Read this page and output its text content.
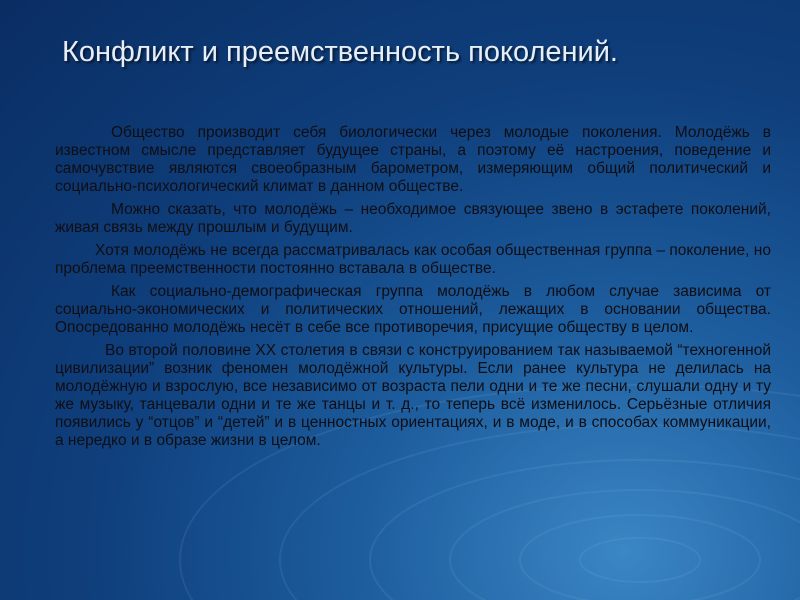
Конфликт и преемственность поколений.

Общество производит себя биологически через молодые поколения. Молодёжь в известном смысле представляет будущее страны, а поэтому её настроения, поведение и самочувствие являются своеобразным барометром, измеряющим общий политический и социально-психологический климат в данном обществе.

Можно сказать, что молодёжь – необходимое связующее звено в эстафете поколений, живая связь между прошлым и будущим.

Хотя молодёжь не всегда рассматривалась как особая общественная группа – поколение, но проблема преемственности постоянно вставала в обществе.

Как социально-демографическая группа молодёжь в любом случае зависима от социально-экономических и политических отношений, лежащих в основании общества. Опосредованно молодёжь несёт в себе все противоречия, присущие обществу в целом.

Во второй половине XX столетия в связи с конструированием так называемой “техногенной цивилизации” возник феномен молодёжной культуры. Если ранее культура не делилась на молодёжную и взрослую, все независимо от возраста пели одни и те же песни, слушали одну и ту же музыку, танцевали одни и те же танцы и т. д., то теперь всё изменилось. Серьёзные отличия появились у “отцов” и “детей” и в ценностных ориентациях, и в моде, и в способах коммуникации, а нередко и в образе жизни в целом.
